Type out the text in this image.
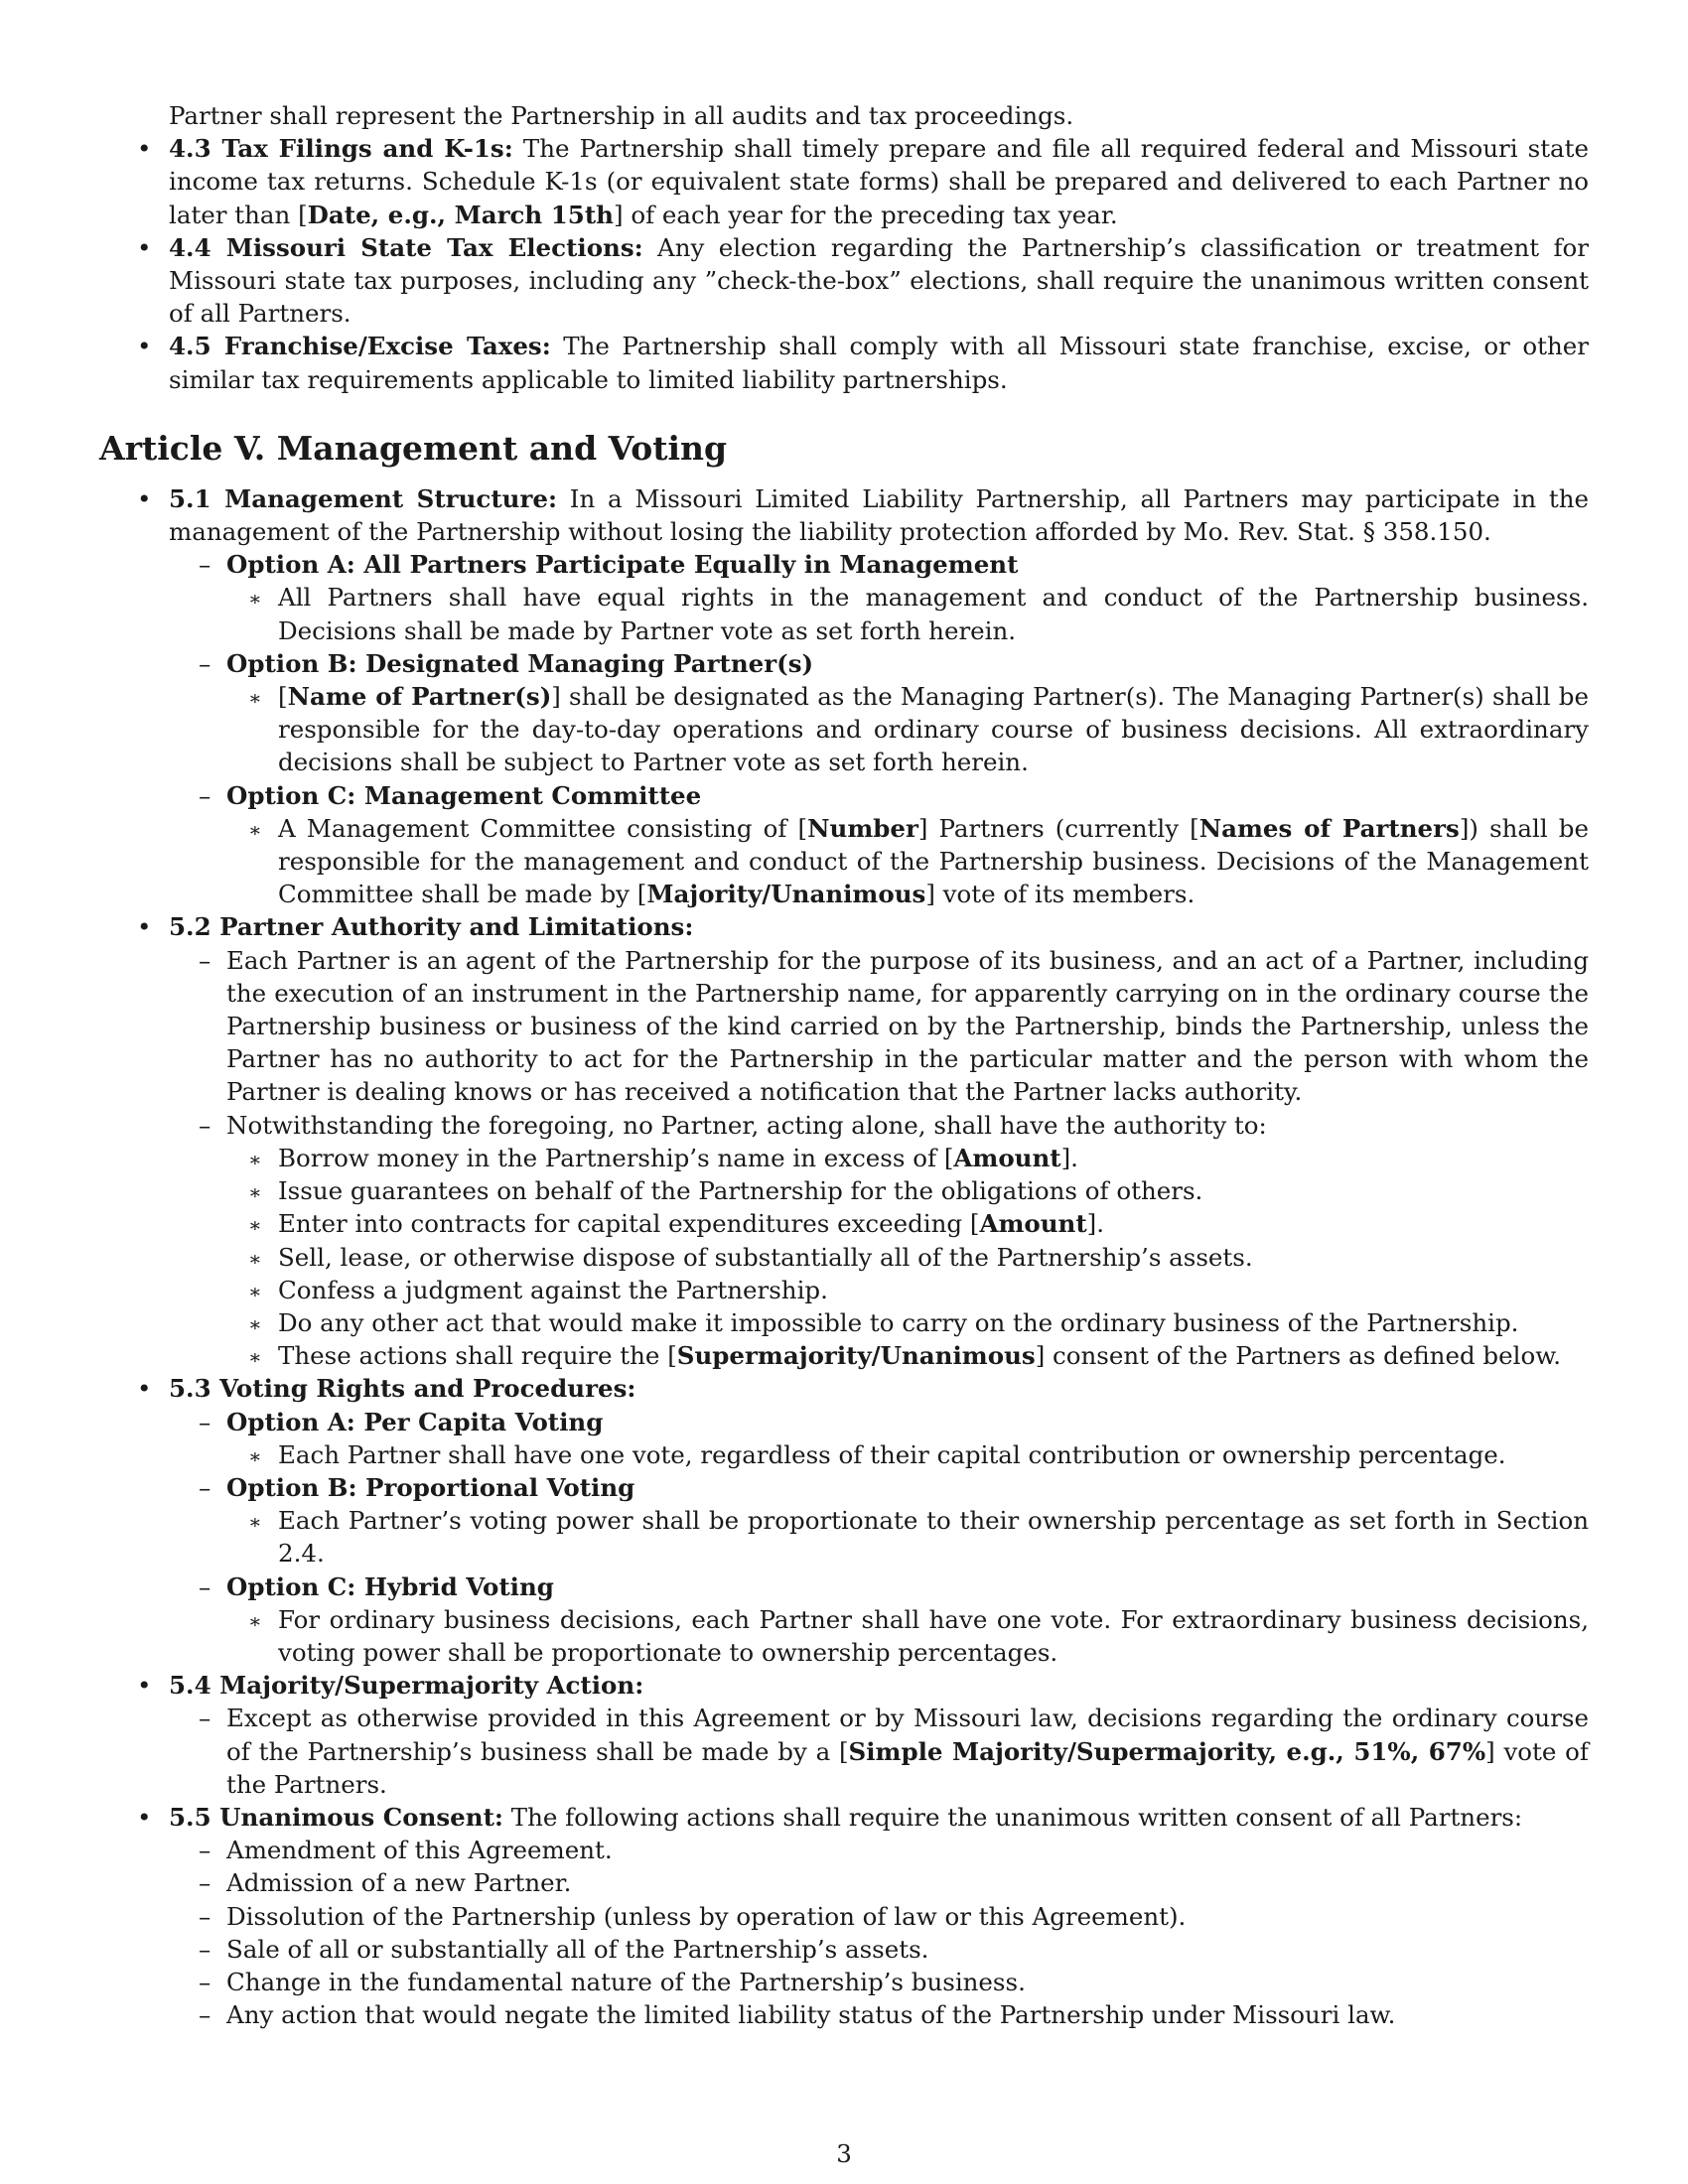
Partner shall represent the Partnership in all audits and tax proceedings.

• 4.3 Tax Filings and K-1s: The Partnership shall timely prepare and file all required federal and Missouri state income tax returns. Schedule K-1s (or equivalent state forms) shall be prepared and delivered to each Partner no later than [Date, e.g., March 15th] of each year for the preceding tax year.
• 4.4 Missouri State Tax Elections: Any election regarding the Partnership’s classification or treatment for Missouri state tax purposes, including any ”check-the-box” elections, shall require the unanimous written consent of all Partners.
• 4.5 Franchise/Excise Taxes: The Partnership shall comply with all Missouri state franchise, excise, or other similar tax requirements applicable to limited liability partnerships.
Article V. Management and Voting
• 5.1 Management Structure: In a Missouri Limited Liability Partnership, all Partners may participate in the management of the Partnership without losing the liability protection afforded by Mo. Rev. Stat. § 358.150.
– Option A: All Partners Participate Equally in Management
∗ All Partners shall have equal rights in the management and conduct of the Partnership business. Decisions shall be made by Partner vote as set forth herein.
– Option B: Designated Managing Partner(s)
∗ [Name of Partner(s)] shall be designated as the Managing Partner(s). The Managing Partner(s) shall be responsible for the day-to-day operations and ordinary course of business decisions. All extraordinary decisions shall be subject to Partner vote as set forth herein.
– Option C: Management Committee
∗ A Management Committee consisting of [Number] Partners (currently [Names of Partners]) shall be responsible for the management and conduct of the Partnership business. Decisions of the Management Committee shall be made by [Majority/Unanimous] vote of its members.
• 5.2 Partner Authority and Limitations:
– Each Partner is an agent of the Partnership for the purpose of its business, and an act of a Partner, including the execution of an instrument in the Partnership name, for apparently carrying on in the ordinary course the Partnership business or business of the kind carried on by the Partnership, binds the Partnership, unless the Partner has no authority to act for the Partnership in the particular matter and the person with whom the Partner is dealing knows or has received a notification that the Partner lacks authority.
– Notwithstanding the foregoing, no Partner, acting alone, shall have the authority to:
∗ Borrow money in the Partnership’s name in excess of [Amount].
∗ Issue guarantees on behalf of the Partnership for the obligations of others.
∗ Enter into contracts for capital expenditures exceeding [Amount].
∗ Sell, lease, or otherwise dispose of substantially all of the Partnership’s assets.
∗ Confess a judgment against the Partnership.
∗ Do any other act that would make it impossible to carry on the ordinary business of the Partnership.
∗ These actions shall require the [Supermajority/Unanimous] consent of the Partners as defined below.
• 5.3 Voting Rights and Procedures:
– Option A: Per Capita Voting
∗ Each Partner shall have one vote, regardless of their capital contribution or ownership percentage.
– Option B: Proportional Voting
∗ Each Partner’s voting power shall be proportionate to their ownership percentage as set forth in Section 2.4.
– Option C: Hybrid Voting
∗ For ordinary business decisions, each Partner shall have one vote. For extraordinary business decisions, voting power shall be proportionate to ownership percentages.
• 5.4 Majority/Supermajority Action:
– Except as otherwise provided in this Agreement or by Missouri law, decisions regarding the ordinary course of the Partnership’s business shall be made by a [Simple Majority/Supermajority, e.g., 51%, 67%] vote of the Partners.
• 5.5 Unanimous Consent: The following actions shall require the unanimous written consent of all Partners:
– Amendment of this Agreement.
– Admission of a new Partner.
– Dissolution of the Partnership (unless by operation of law or this Agreement).
– Sale of all or substantially all of the Partnership’s assets.
– Change in the fundamental nature of the Partnership’s business.
– Any action that would negate the limited liability status of the Partnership under Missouri law.
3
